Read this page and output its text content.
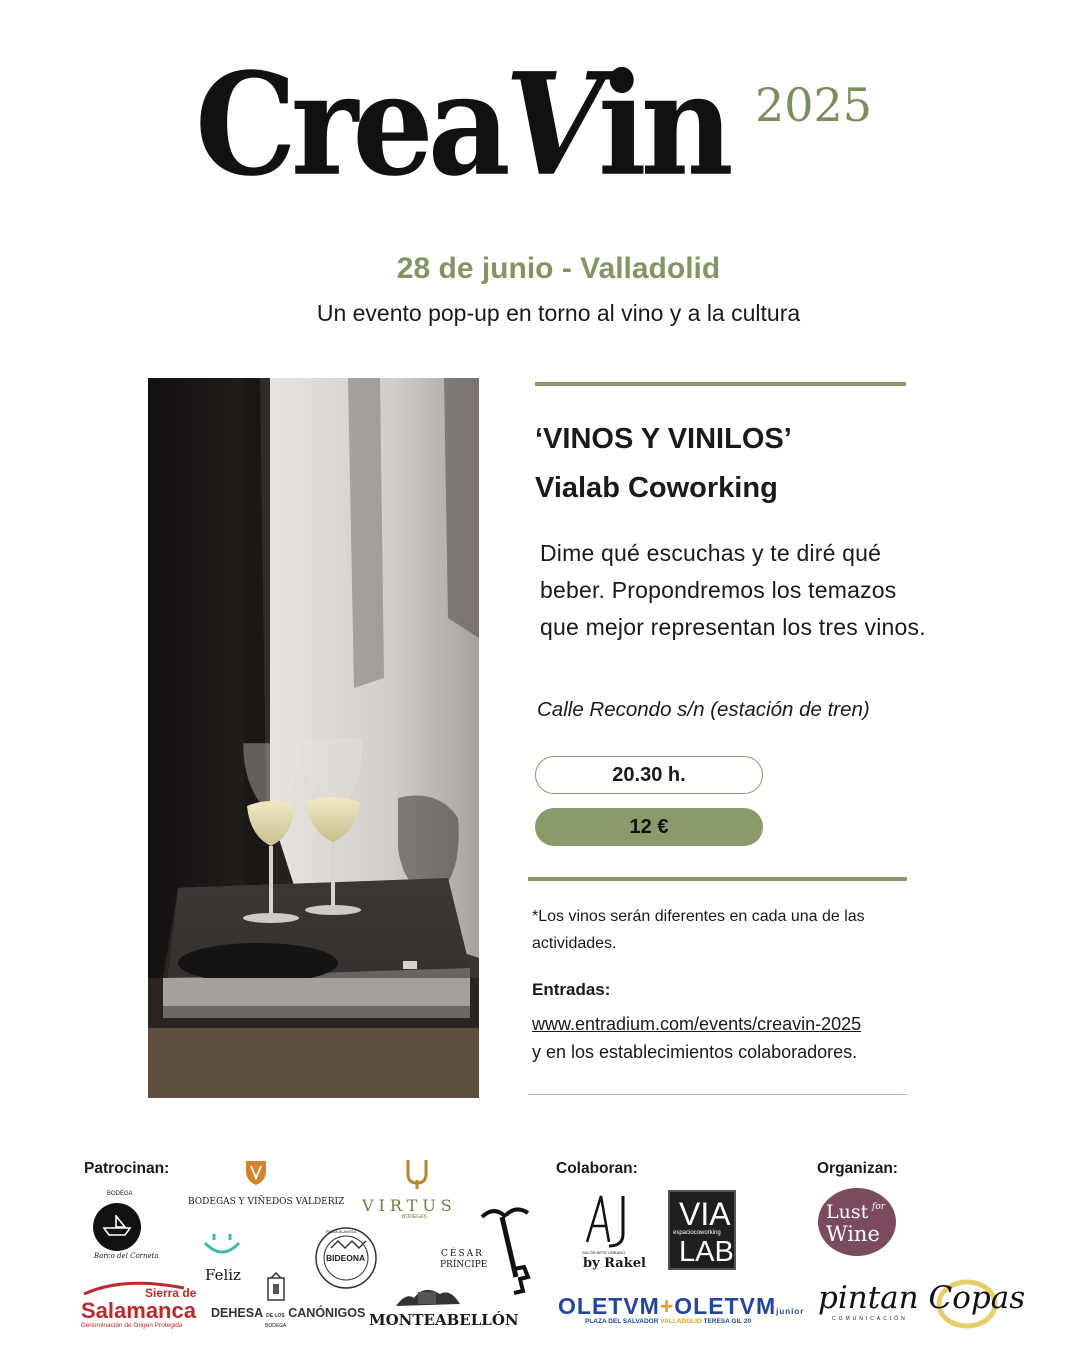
CreaVin 2025
28 de junio - Valladolid
Un evento pop-up en torno al vino y a la cultura
‘VINOS Y VINILOS’
Vialab Coworking
Dime qué escuchas y te diré qué beber. Propondremos los temazos que mejor representan los tres vinos.
Calle Recondo s/n (estación de tren)
20.30 h.
12 €
*Los vinos serán diferentes en cada una de las actividades.
Entradas:
www.entradium.com/events/creavin-2025
y en los establecimientos colaboradores.
Patrocinan:	Colaboran:	Organizan:
BODEGA
Barco del Corneta
BODEGAS Y VIÑEDOS VALDERIZ VIRTUS
BODEGAS
Feliz
BIDEONA
RIOJA ALAVESA
CÉSAR
PRÍNCIPE
Sierra de
Salamanca
Denominación de Origen Protegida
DEHESA DE LOS CANÓNIGOS
BODEGA	MONTEABELLÓN
SALÓN ARTE URBANO
by Rakel
VIA
espaciocoworking
LAB
OLETVM+OLETVMjunior
PLAZA DEL SALVADOR VALLADOLID TERESA GIL 20
Lust for
Wine
pintan Copas
COMUNICACIÓN
